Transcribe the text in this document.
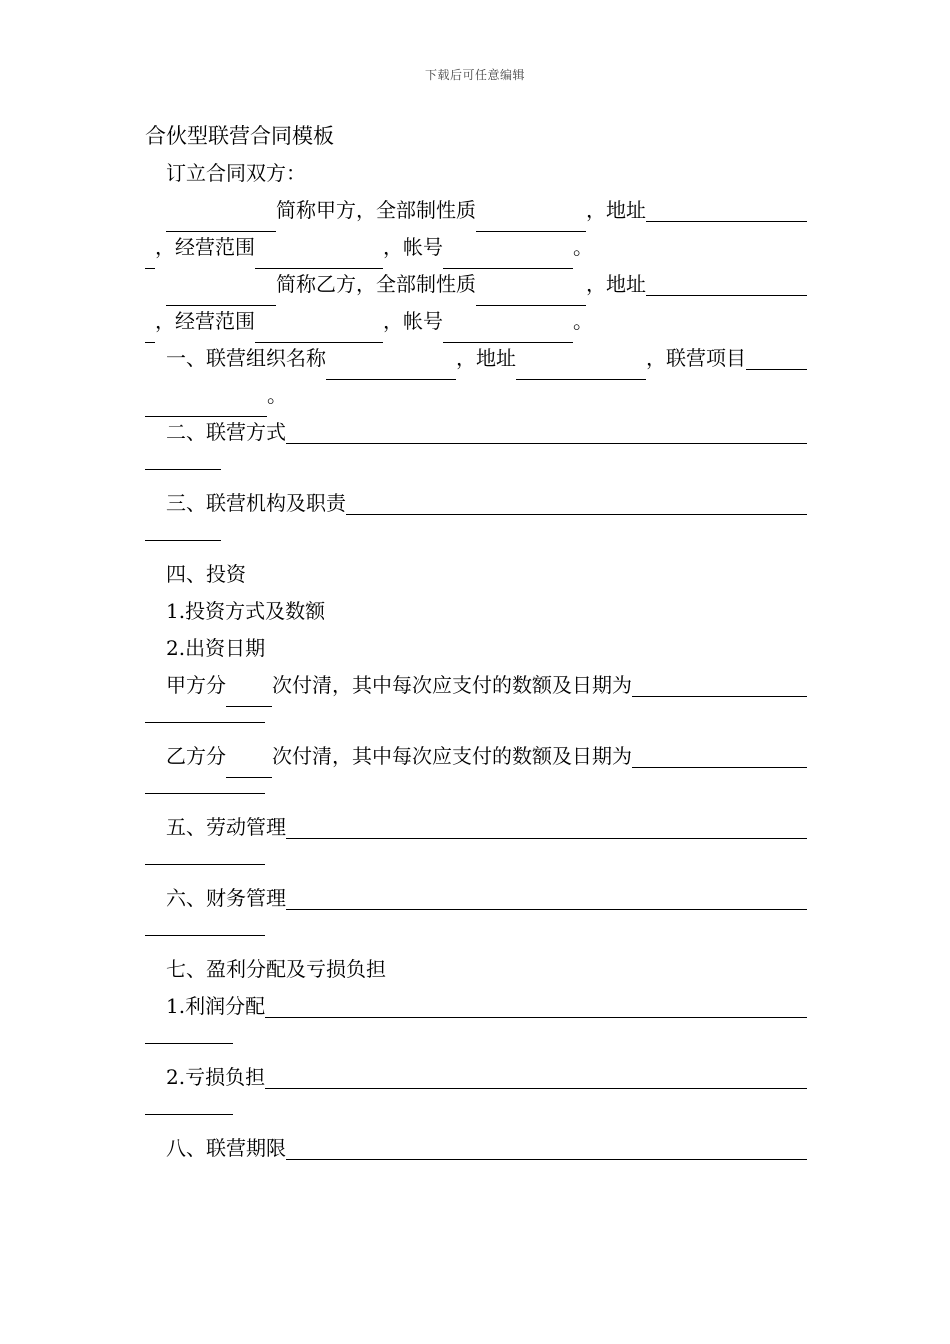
下载后可任意编辑
合伙型联营合同模板
订立合同双方：
简称甲方，全部制性质	，地址
，经营范围	，帐号	。
简称乙方，全部制性质	，地址
，经营范围	，帐号	。
一、联营组织名称	，地址	，联营项目
。
二、联营方式
三、联营机构及职责
四、投资
1.投资方式及数额
2.出资日期
甲方分 次付清，其中每次应支付的数额及日期为
乙方分 次付清，其中每次应支付的数额及日期为
五、劳动管理
六、财务管理
七、盈利分配及亏损负担
1.利润分配
2.亏损负担
八、联营期限
